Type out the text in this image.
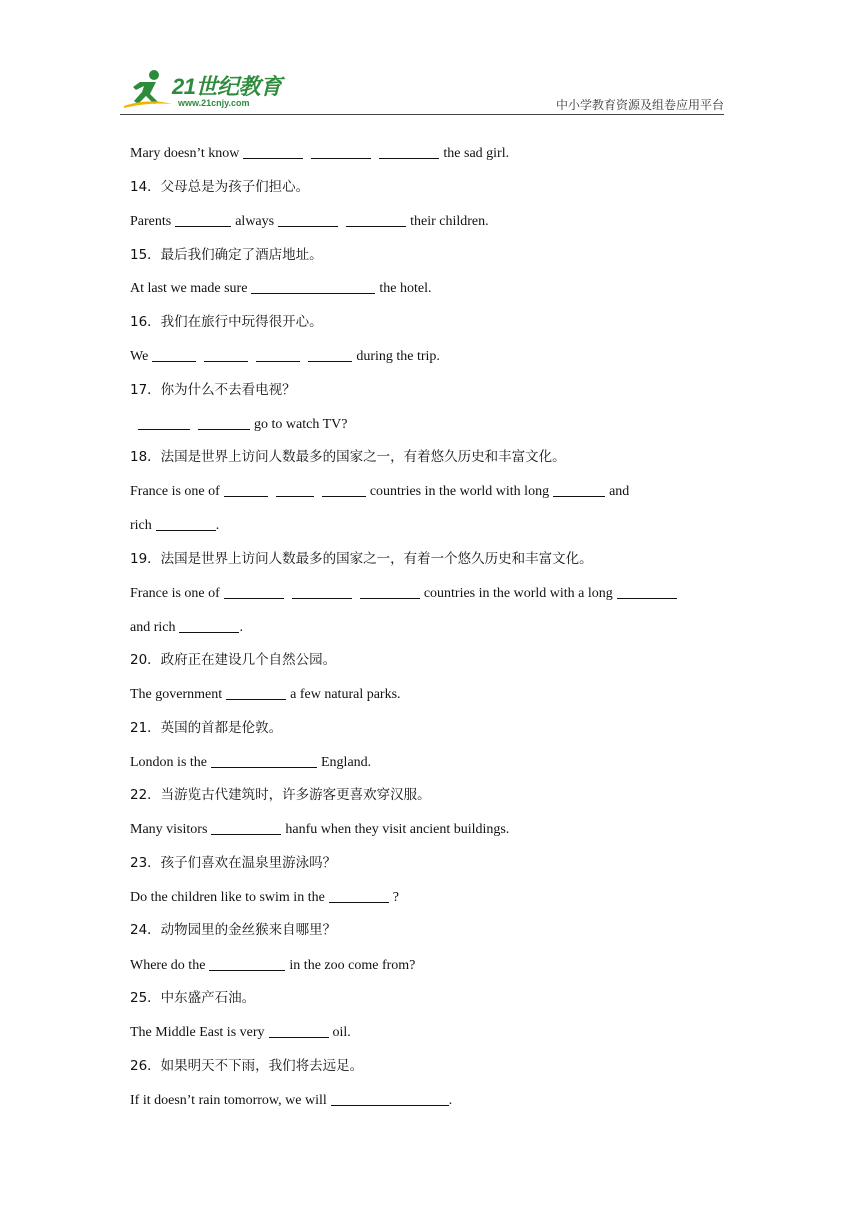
21世纪教育
www.21cnjy.com	中小学教育资源及组卷应用平台
Mary doesn’t know	the sad girl.
14．父母总是为孩子们担心。
Parents	always	their children.
15．最后我们确定了酒店地址。
At last we made sure	the hotel.
16．我们在旅行中玩得很开心。
We	during the trip.
17．你为什么不去看电视？
go to watch TV?
18．法国是世界上访问人数最多的国家之一，有着悠久历史和丰富文化。
France is one of	countries in the world with long	and
rich	.
19．法国是世界上访问人数最多的国家之一，有着一个悠久历史和丰富文化。
France is one of	countries in the world with a long
and rich	.
20．政府正在建设几个自然公园。
The government	a few natural parks.
21．英国的首都是伦敦。
London is the	England.
22．当游览古代建筑时，许多游客更喜欢穿汉服。
Many visitors	hanfu when they visit ancient buildings.
23．孩子们喜欢在温泉里游泳吗？
Do the children like to swim in the	?
24．动物园里的金丝猴来自哪里？
Where do the	in the zoo come from?
25．中东盛产石油。
The Middle East is very	oil.
26．如果明天不下雨，我们将去远足。
If it doesn’t rain tomorrow, we will	.
